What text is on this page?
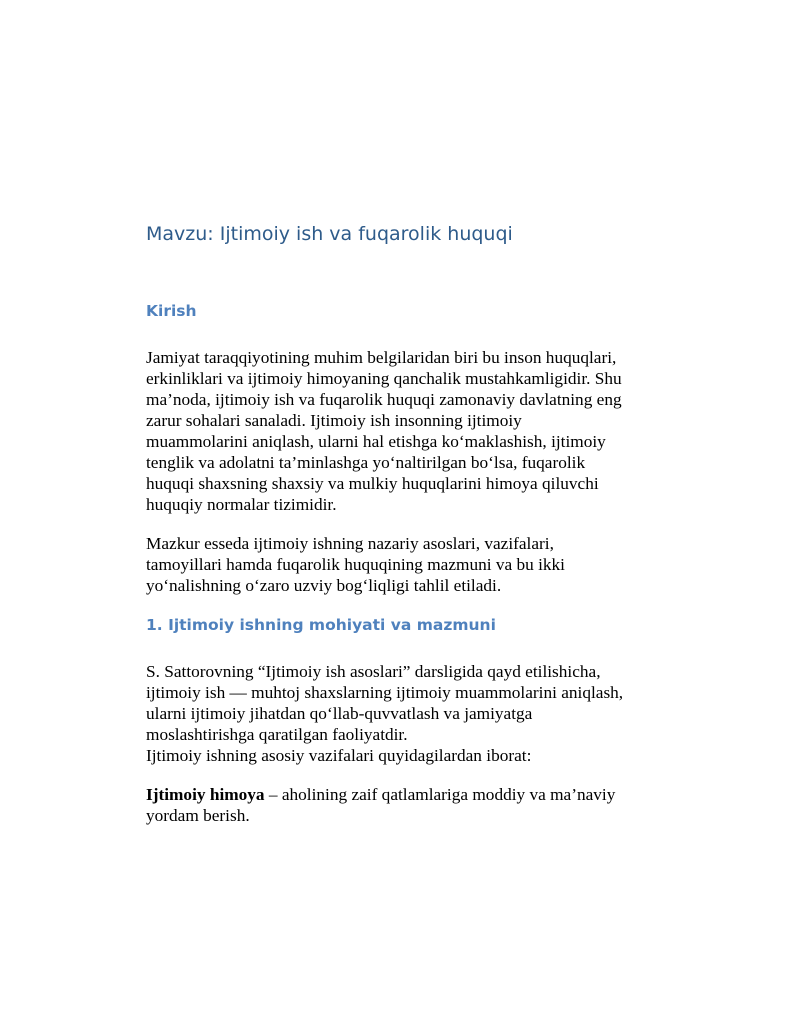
Mavzu: Ijtimoiy ish va fuqarolik huquqi
Kirish

Jamiyat taraqqiyotining muhim belgilaridan biri bu inson huquqlari,
erkinliklari va ijtimoiy himoyaning qanchalik mustahkamligidir. Shu
ma’noda, ijtimoiy ish va fuqarolik huquqi zamonaviy davlatning eng
zarur sohalari sanaladi. Ijtimoiy ish insonning ijtimoiy
muammolarini aniqlash, ularni hal etishga ko‘maklashish, ijtimoiy
tenglik va adolatni ta’minlashga yo‘naltirilgan bo‘lsa, fuqarolik
huquqi shaxsning shaxsiy va mulkiy huquqlarini himoya qiluvchi
huquqiy normalar tizimidir.

Mazkur esseda ijtimoiy ishning nazariy asoslari, vazifalari,
tamoyillari hamda fuqarolik huquqining mazmuni va bu ikki
yo‘nalishning o‘zaro uzviy bog‘liqligi tahlil etiladi.

1. Ijtimoiy ishning mohiyati va mazmuni

S. Sattorovning “Ijtimoiy ish asoslari” darsligida qayd etilishicha,
ijtimoiy ish — muhtoj shaxslarning ijtimoiy muammolarini aniqlash,
ularni ijtimoiy jihatdan qo‘llab-quvvatlash va jamiyatga
moslashtirishga qaratilgan faoliyatdir.
Ijtimoiy ishning asosiy vazifalari quyidagilardan iborat:

Ijtimoiy himoya – aholining zaif qatlamlariga moddiy va ma’naviy
yordam berish.
